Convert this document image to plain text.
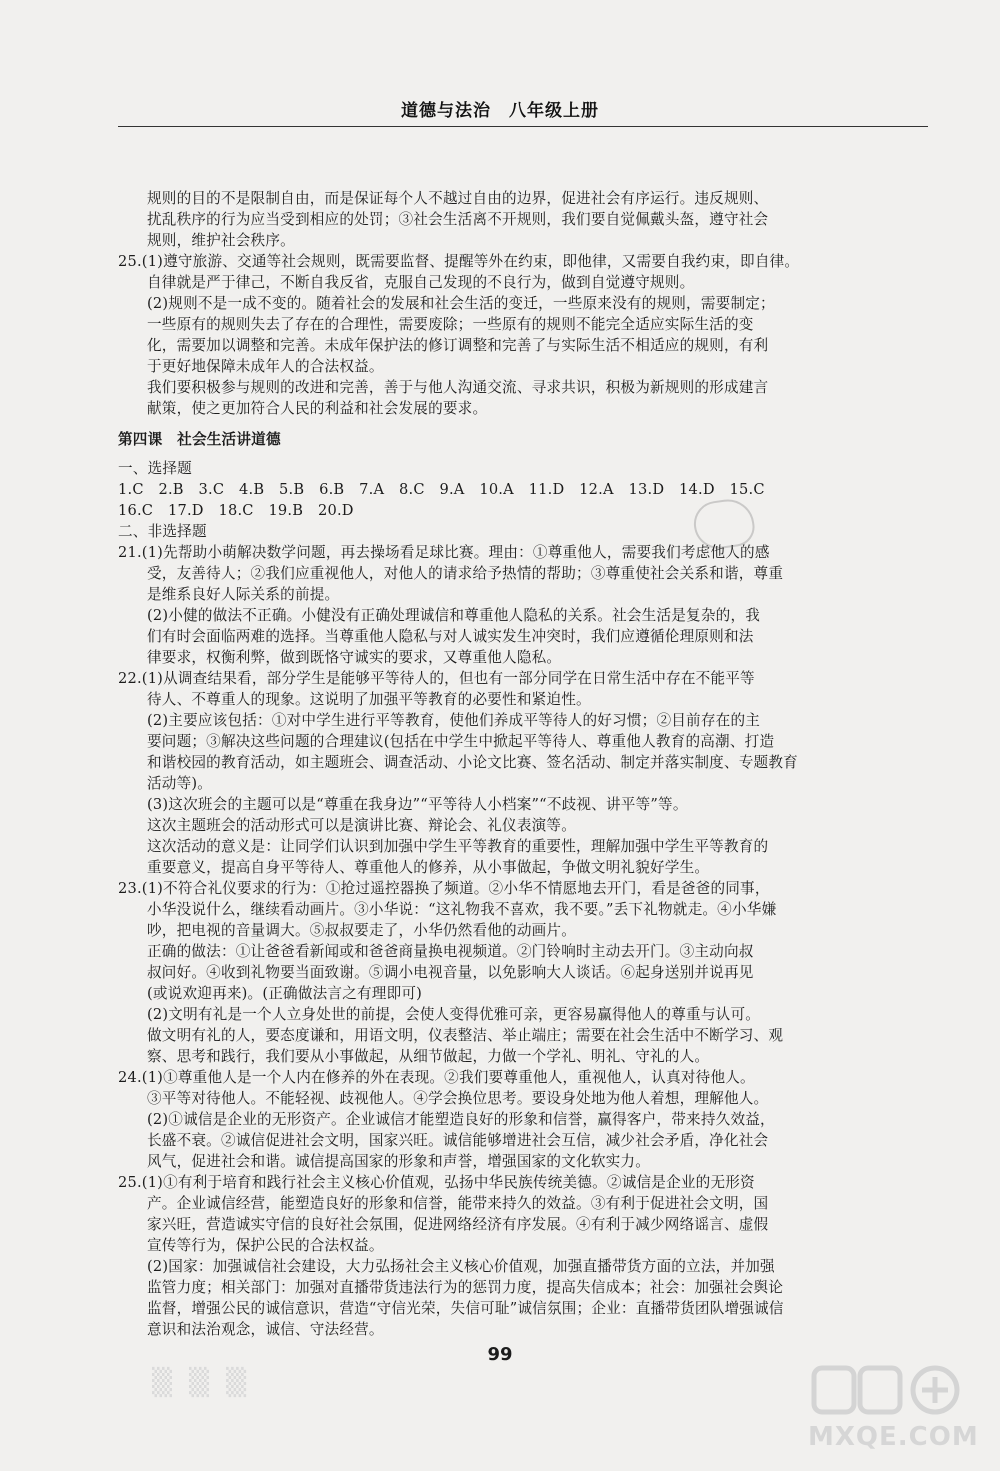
道德与法治　八年级上册
规则的目的不是限制自由，而是保证每个人不越过自由的边界，促进社会有序运行。违反规则、
扰乱秩序的行为应当受到相应的处罚；③社会生活离不开规则，我们要自觉佩戴头盔，遵守社会
规则，维护社会秩序。
25.(1)遵守旅游、交通等社会规则，既需要监督、提醒等外在约束，即他律，又需要自我约束，即自律。
自律就是严于律己，不断自我反省，克服自己发现的不良行为，做到自觉遵守规则。
(2)规则不是一成不变的。随着社会的发展和社会生活的变迁，一些原来没有的规则，需要制定；
一些原有的规则失去了存在的合理性，需要废除；一些原有的规则不能完全适应实际生活的变
化，需要加以调整和完善。未成年保护法的修订调整和完善了与实际生活不相适应的规则，有利
于更好地保障未成年人的合法权益。
我们要积极参与规则的改进和完善，善于与他人沟通交流、寻求共识，积极为新规则的形成建言
献策，使之更加符合人民的利益和社会发展的要求。
第四课　社会生活讲道德
一、选择题
1.C　2.B　3.C　4.B　5.B　6.B　7.A　8.C　9.A　10.A　11.D　12.A　13.D　14.D　15.C
16.C　17.D　18.C　19.B　20.D
二、非选择题
21.(1)先帮助小萌解决数学问题，再去操场看足球比赛。理由：①尊重他人，需要我们考虑他人的感
受，友善待人；②我们应重视他人，对他人的请求给予热情的帮助；③尊重使社会关系和谐，尊重
是维系良好人际关系的前提。
(2)小健的做法不正确。小健没有正确处理诚信和尊重他人隐私的关系。社会生活是复杂的，我
们有时会面临两难的选择。当尊重他人隐私与对人诚实发生冲突时，我们应遵循伦理原则和法
律要求，权衡利弊，做到既恪守诚实的要求，又尊重他人隐私。
22.(1)从调查结果看，部分学生是能够平等待人的，但也有一部分同学在日常生活中存在不能平等
待人、不尊重人的现象。这说明了加强平等教育的必要性和紧迫性。
(2)主要应该包括：①对中学生进行平等教育，使他们养成平等待人的好习惯；②目前存在的主
要问题；③解决这些问题的合理建议(包括在中学生中掀起平等待人、尊重他人教育的高潮、打造
和谐校园的教育活动，如主题班会、调查活动、小论文比赛、签名活动、制定并落实制度、专题教育
活动等)。
(3)这次班会的主题可以是“尊重在我身边”“平等待人小档案”“不歧视、讲平等”等。
这次主题班会的活动形式可以是演讲比赛、辩论会、礼仪表演等。
这次活动的意义是：让同学们认识到加强中学生平等教育的重要性，理解加强中学生平等教育的
重要意义，提高自身平等待人、尊重他人的修养，从小事做起，争做文明礼貌好学生。
23.(1)不符合礼仪要求的行为：①抢过遥控器换了频道。②小华不情愿地去开门，看是爸爸的同事，
小华没说什么，继续看动画片。③小华说：“这礼物我不喜欢，我不要。”丢下礼物就走。④小华嫌
吵，把电视的音量调大。⑤叔叔要走了，小华仍然看他的动画片。
正确的做法：①让爸爸看新闻或和爸爸商量换电视频道。②门铃响时主动去开门。③主动向叔
叔问好。④收到礼物要当面致谢。⑤调小电视音量，以免影响大人谈话。⑥起身送别并说再见
(或说欢迎再来)。(正确做法言之有理即可)
(2)文明有礼是一个人立身处世的前提，会使人变得优雅可亲，更容易赢得他人的尊重与认可。
做文明有礼的人，要态度谦和，用语文明，仪表整洁、举止端庄；需要在社会生活中不断学习、观
察、思考和践行，我们要从小事做起，从细节做起，力做一个学礼、明礼、守礼的人。
24.(1)①尊重他人是一个人内在修养的外在表现。②我们要尊重他人，重视他人，认真对待他人。
③平等对待他人。不能轻视、歧视他人。④学会换位思考。要设身处地为他人着想，理解他人。
(2)①诚信是企业的无形资产。企业诚信才能塑造良好的形象和信誉，赢得客户，带来持久效益，
长盛不衰。②诚信促进社会文明，国家兴旺。诚信能够增进社会互信，减少社会矛盾，净化社会
风气，促进社会和谐。诚信提高国家的形象和声誉，增强国家的文化软实力。
25.(1)①有利于培育和践行社会主义核心价值观，弘扬中华民族传统美德。②诚信是企业的无形资
产。企业诚信经营，能塑造良好的形象和信誉，能带来持久的效益。③有利于促进社会文明，国
家兴旺，营造诚实守信的良好社会氛围，促进网络经济有序发展。④有利于减少网络谣言、虚假
宣传等行为，保护公民的合法权益。
(2)国家：加强诚信社会建设，大力弘扬社会主义核心价值观，加强直播带货方面的立法，并加强
监管力度；相关部门：加强对直播带货违法行为的惩罚力度，提高失信成本；社会：加强社会舆论
监督，增强公民的诚信意识，营造“守信光荣，失信可耻”诚信氛围；企业：直播带货团队增强诚信
意识和法治观念，诚信、守法经营。
99
▒ ▒ ▒
MXQE.COM
